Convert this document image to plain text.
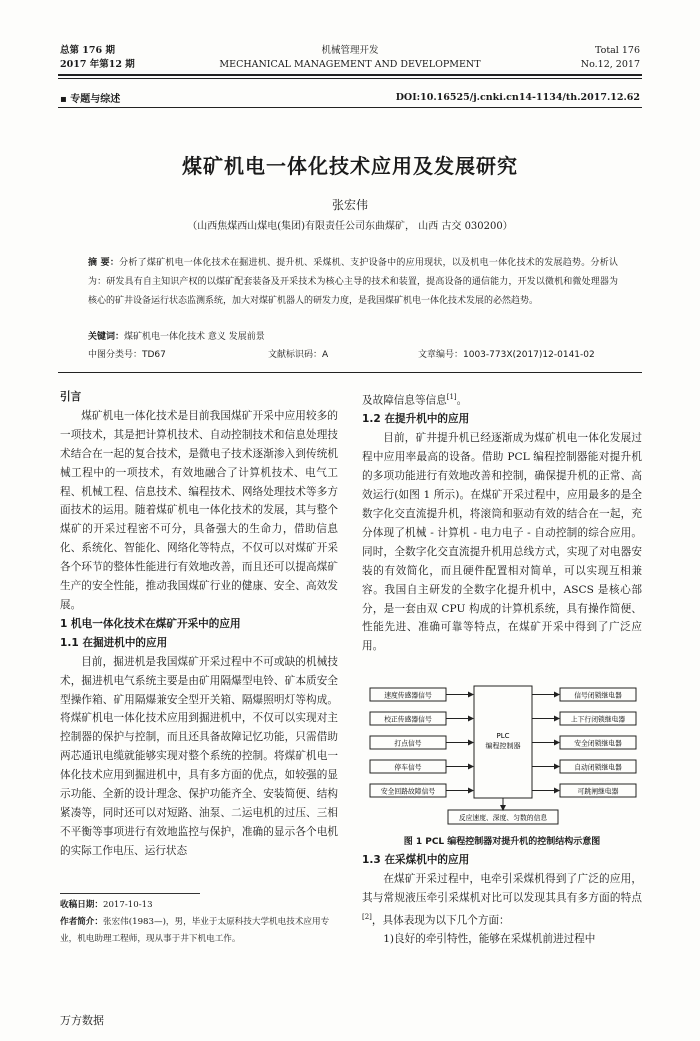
总第 176 期
2017 年第12 期
机械管理开发
MECHANICAL MANAGEMENT AND DEVELOPMENT
Total 176
No.12, 2017
▪ 专题与综述	DOI:10.16525/j.cnki.cn14-1134/th.2017.12.62
煤矿机电一体化技术应用及发展研究
张宏伟
（山西焦煤西山煤电(集团)有限责任公司东曲煤矿， 山西 古交 030200）
摘 要：分析了煤矿机电一体化技术在掘进机、提升机、采煤机、支护设备中的应用现状，以及机电一体化技术的发展趋势。分析认为：研发具有自主知识产权的以煤矿配套装备及开采技术为核心主导的技术和装置，提高设备的通信能力，开发以微机和微处理器为核心的矿井设备运行状态监测系统，加大对煤矿机器人的研发力度，是我国煤矿机电一体化技术发展的必然趋势。
关键词：煤矿机电一体化技术 意义 发展前景
中图分类号：TD67	文献标识码：A	文章编号：1003-773X(2017)12-0141-02

引言

煤矿机电一体化技术是目前我国煤矿开采中应用较多的一项技术，其是把计算机技术、自动控制技术和信息处理技术结合在一起的复合技术，是微电子技术逐渐渗入到传统机械工程中的一项技术，有效地融合了计算机技术、电气工程、机械工程、信息技术、编程技术、网络处理技术等多方面技术的运用。随着煤矿机电一体化技术的发展，其与整个煤矿的开采过程密不可分，具备强大的生命力，借助信息化、系统化、智能化、网络化等特点，不仅可以对煤矿开采各个环节的整体性能进行有效地改善，而且还可以提高煤矿生产的安全性能，推动我国煤矿行业的健康、安全、高效发展。

1 机电一体化技术在煤矿开采中的应用

1.1 在掘进机中的应用

目前，掘进机是我国煤矿开采过程中不可或缺的机械技术，掘进机电气系统主要是由矿用隔爆型电铃、矿本质安全型操作箱、矿用隔爆兼安全型开关箱、隔爆照明灯等构成。将煤矿机电一体化技术应用到掘进机中，不仅可以实现对主控制器的保护与控制，而且还具备故障记忆功能，只需借助两芯通讯电缆就能够实现对整个系统的控制。将煤矿机电一体化技术应用到掘进机中，具有多方面的优点，如较强的显示功能、全新的设计理念、保护功能齐全、安装简便、结构紧凑等，同时还可以对短路、油泵、二运电机的过压、三相不平衡等事项进行有效地监控与保护，准确的显示各个电机的实际工作电压、运行状态

及故障信息等信息[1]。

1.2 在提升机中的应用

目前，矿井提升机已经逐渐成为煤矿机电一体化发展过程中应用率最高的设备。借助 PCL 编程控制器能对提升机的多项功能进行有效地改善和控制，确保提升机的正常、高效运行(如图 1 所示)。在煤矿开采过程中，应用最多的是全数字化交直流提升机，将滚筒和驱动有效的结合在一起，充分体现了机械 - 计算机 - 电力电子 - 自动控制的综合应用。同时，全数字化交直流提升机用总线方式，实现了对电器安装的有效简化，而且硬件配置相对简单，可以实现互相兼容。我国自主研发的全数字化提升机中，ASCS 是核心部分，是一套由双 CPU 构成的计算机系统，具有操作简便、性能先进、准确可靠等特点，在煤矿开采中得到了广泛应用。

速度传感器信号
校正传感器信号
打点信号
停车信号
安全回路故障信号
信号闭锁继电器
上下行闭锁继电器
安全闭锁继电器
自动闭锁继电器
可跳闸继电器
PLC
编程控制器
反应速度、深度、匀数的信息
图 1 PCL 编程控制器对提升机的控制结构示意图

1.3 在采煤机中的应用

在煤矿开采过程中，电牵引采煤机得到了广泛的应用，其与常规液压牵引采煤机对比可以发现其具有多方面的特点[2]，具体表现为以下几个方面：

1)良好的牵引特性，能够在采煤机前进过程中

收稿日期：2017-10-13
作者简介：张宏伟(1983—)，男，毕业于太原科技大学机电技术应用专业，机电助理工程师，现从事于井下机电工作。
万方数据
